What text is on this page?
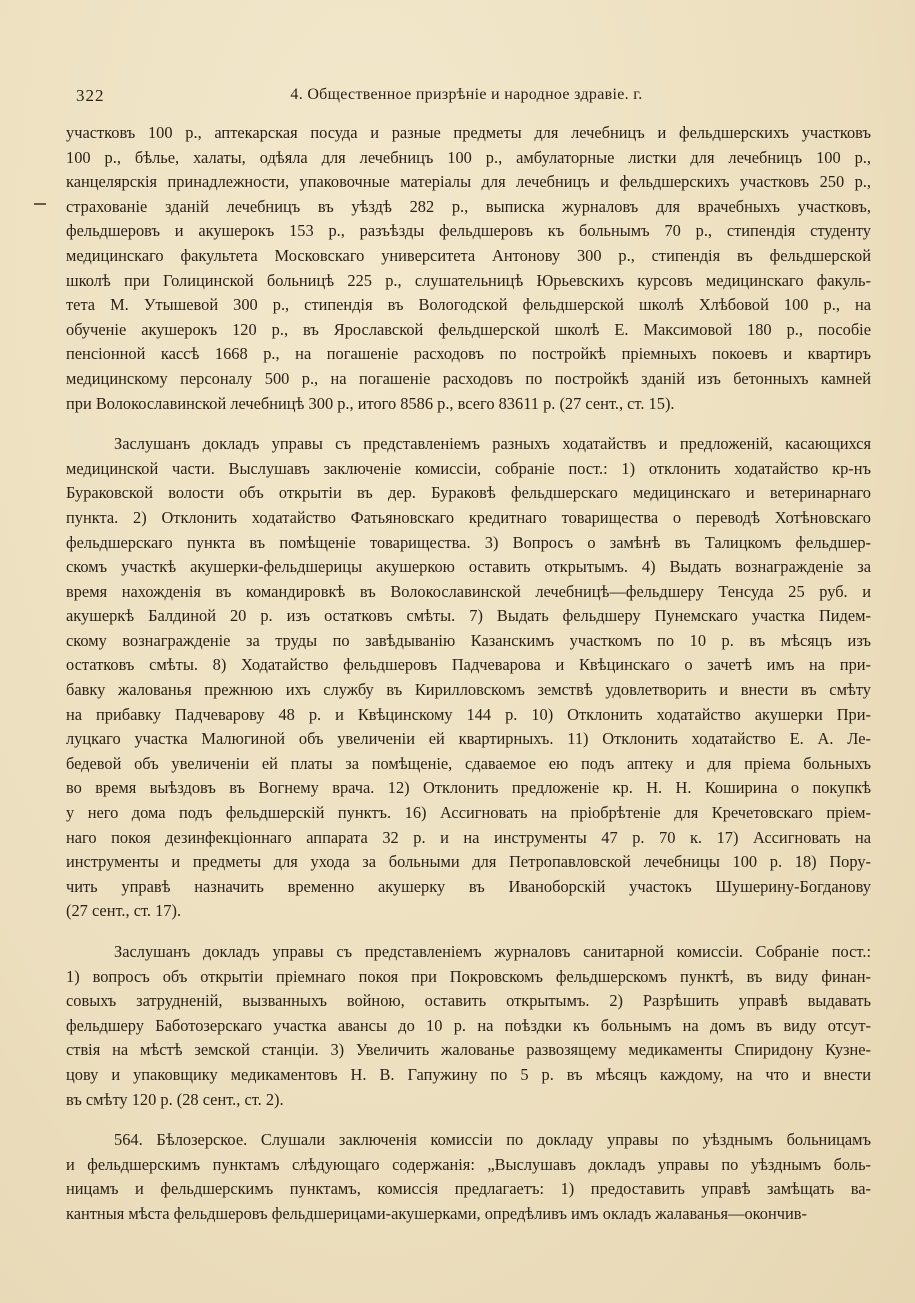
322	4. Общественное призрѣніе и народное здравіе. г.
участковъ 100 р., аптекарская посуда и разные предметы для лечебницъ и фельдшерскихъ участковъ
100 р., бѣлье, халаты, одѣяла для лечебницъ 100 р., амбулаторные листки для лечебницъ 100 р.,
канцелярскія принадлежности, упаковочные матеріалы для лечебницъ и фельдшерскихъ участковъ 250 р.,
страхованіе зданій лечебницъ въ уѣздѣ 282 р., выписка журналовъ для врачебныхъ участковъ,
фельдшеровъ и акушерокъ 153 р., разъѣзды фельдшеровъ къ больнымъ 70 р., стипендія студенту
медицинскаго факультета Московскаго университета Антонову 300 р., стипендія въ фельдшерской
школѣ при Голицинской больницѣ 225 р., слушательницѣ Юрьевскихъ курсовъ медицинскаго факуль-
тета М. Утышевой 300 р., стипендія въ Вологодской фельдшерской школѣ Хлѣбовой 100 р., на
обученіе акушерокъ 120 р., въ Ярославской фельдшерской школѣ Е. Максимовой 180 р., пособіе
пенсіонной кассѣ 1668 р., на погашеніе расходовъ по постройкѣ пріемныхъ покоевъ и квартиръ
медицинскому персоналу 500 р., на погашеніе расходовъ по постройкѣ зданій изъ бетонныхъ камней
при Волокославинской лечебницѣ 300 р., итого 8586 р., всего 83611 р. (27 сент., ст. 15).
Заслушанъ докладъ управы съ представленіемъ разныхъ ходатайствъ и предложеній, касающихся
медицинской части. Выслушавъ заключеніе комиссіи, собраніе пост.: 1) отклонить ходатайство кр-нъ
Бураковской волости объ открытіи въ дер. Бураковѣ фельдшерскаго медицинскаго и ветеринарнаго
пункта. 2) Отклонить ходатайство Фатьяновскаго кредитнаго товарищества о переводѣ Хотѣновскаго
фельдшерскаго пункта въ помѣщеніе товарищества. 3) Вопросъ о замѣнѣ въ Талицкомъ фельдшер-
скомъ участкѣ акушерки-фельдшерицы акушеркою оставить открытымъ. 4) Выдать вознагражденіе за
время нахожденія въ командировкѣ въ Волокославинской лечебницѣ—фельдшеру Тенсуда 25 руб. и
акушеркѣ Балдиной 20 р. изъ остатковъ смѣты. 7) Выдать фельдшеру Пунемскаго участка Пидем-
скому вознагражденіе за труды по завѣдыванію Казанскимъ участкомъ по 10 р. въ мѣсяцъ изъ
остатковъ смѣты. 8) Ходатайство фельдшеровъ Падчеварова и Квѣцинскаго о зачетѣ имъ на при-
бавку жалованья прежнюю ихъ службу въ Кирилловскомъ земствѣ удовлетворить и внести въ смѣту
на прибавку Падчеварову 48 р. и Квѣцинскому 144 р. 10) Отклонить ходатайство акушерки При-
луцкаго участка Малюгиной объ увеличеніи ей квартирныхъ. 11) Отклонить ходатайство Е. А. Ле-
бедевой объ увеличеніи ей платы за помѣщеніе, сдаваемое ею подъ аптеку и для пріема больныхъ
во время выѣздовъ въ Вогнему врача. 12) Отклонить предложеніе кр. Н. Н. Коширина о покупкѣ
у него дома подъ фельдшерскій пунктъ. 16) Ассигновать на пріобрѣтеніе для Кречетовскаго пріем-
наго покоя дезинфекціоннаго аппарата 32 р. и на инструменты 47 р. 70 к. 17) Ассигновать на
инструменты и предметы для ухода за больными для Петропавловской лечебницы 100 р. 18) Пору-
чить управѣ назначить временно акушерку въ Иваноборскій участокъ Шушерину-Богданову
(27 сент., ст. 17).
Заслушанъ докладъ управы съ представленіемъ журналовъ санитарной комиссіи. Собраніе пост.:
1) вопросъ объ открытіи пріемнаго покоя при Покровскомъ фельдшерскомъ пунктѣ, въ виду финан-
совыхъ затрудненій, вызванныхъ войною, оставить открытымъ. 2) Разрѣшить управѣ выдавать
фельдшеру Баботозерскаго участка авансы до 10 р. на поѣздки къ больнымъ на домъ въ виду отсут-
ствія на мѣстѣ земской станціи. 3) Увеличить жалованье развозящему медикаменты Спиридону Кузне-
цову и упаковщику медикаментовъ Н. В. Гапужину по 5 р. въ мѣсяцъ каждому, на что и внести
въ смѣту 120 р. (28 сент., ст. 2).
564. Бѣлозерское. Слушали заключенія комиссіи по докладу управы по уѣзднымъ больницамъ
и фельдшерскимъ пунктамъ слѣдующаго содержанія: „Выслушавъ докладъ управы по уѣзднымъ боль-
ницамъ и фельдшерскимъ пунктамъ, комиссія предлагаетъ: 1) предоставить управѣ замѣщать ва-
кантныя мѣста фельдшеровъ фельдшерицами-акушерками, опредѣливъ имъ окладъ жалаванья—окончив-
